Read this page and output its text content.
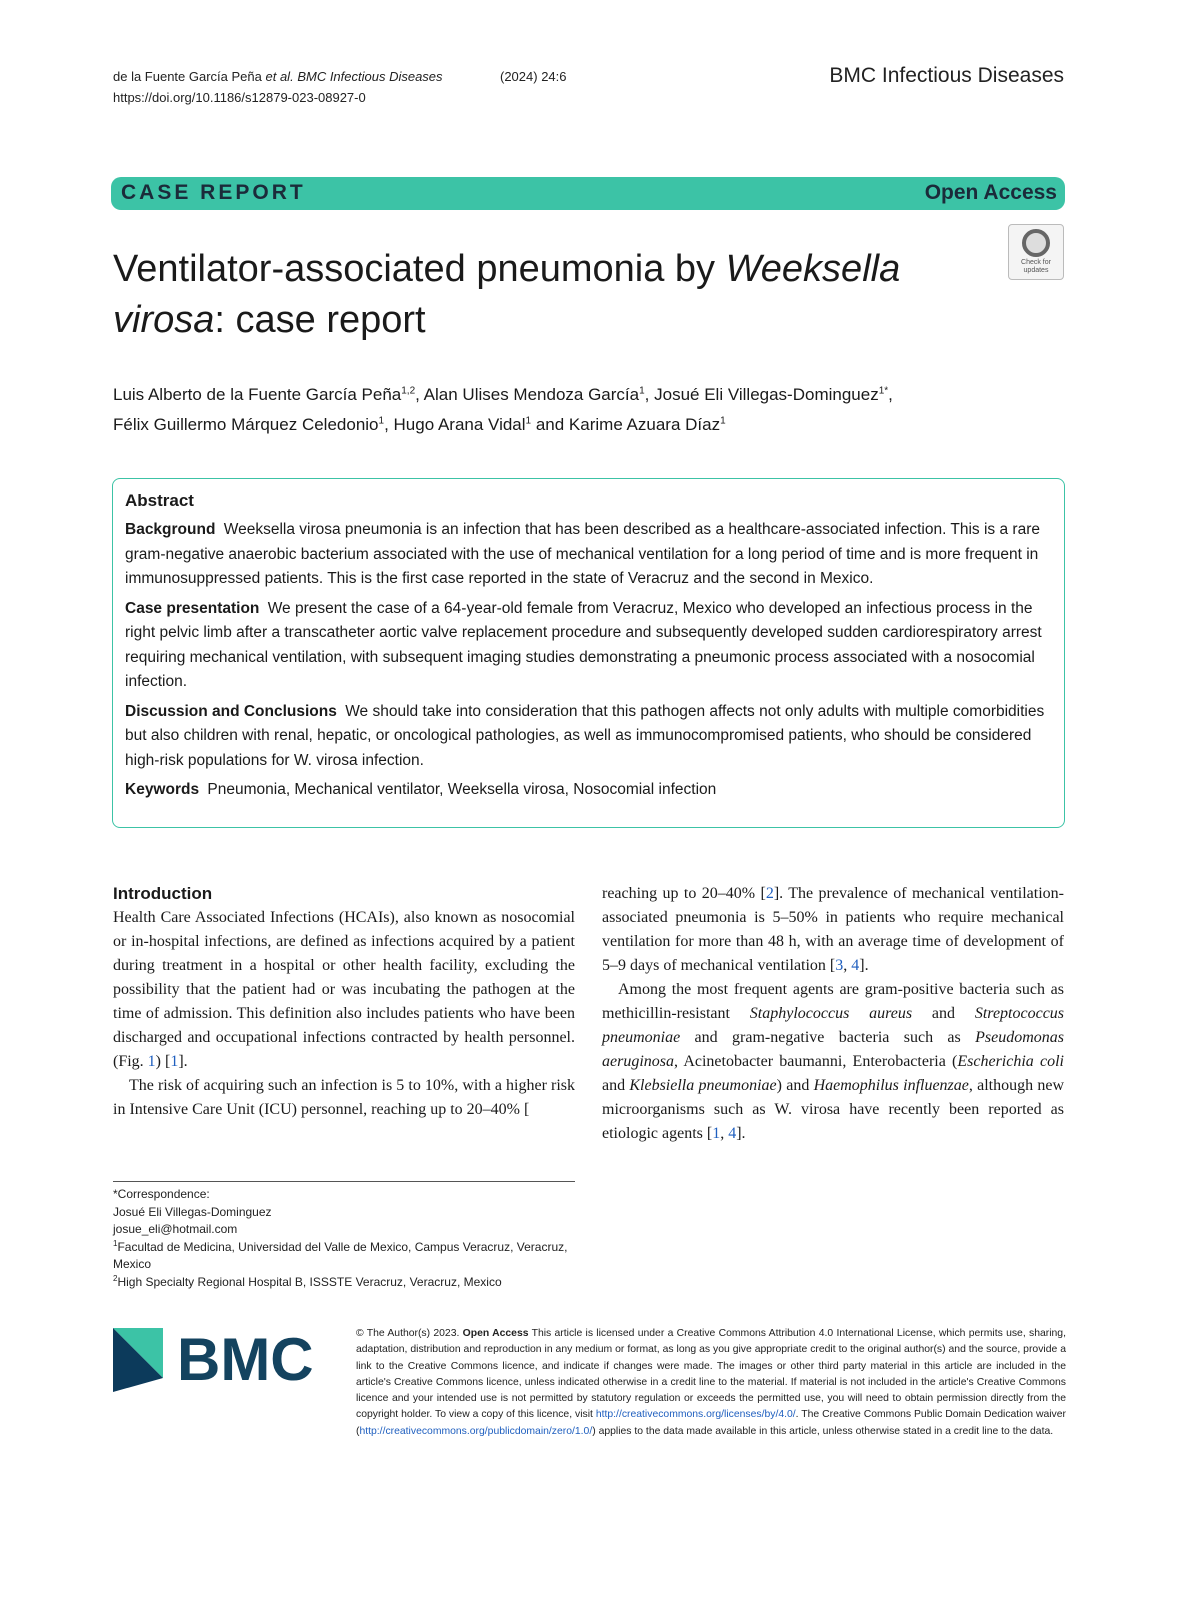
de la Fuente García Peña et al. BMC Infectious Diseases	(2024) 24:6
https://doi.org/10.1186/s12879-023-08927-0
BMC Infectious Diseases
CASE REPORT	Open Access
Ventilator-associated pneumonia by Weeksella virosa: case report
Check for updates
Luis Alberto de la Fuente García Peña$^{1,2}$, Alan Ulises Mendoza García$^1$, Josué Eli Villegas-Dominguez$^{1*}$,
Félix Guillermo Márquez Celedonio$^1$, Hugo Arana Vidal$^1$ and Karime Azuara Díaz$^1$
Abstract

Background Weeksella virosa pneumonia is an infection that has been described as a healthcare-associated infection. This is a rare gram-negative anaerobic bacterium associated with the use of mechanical ventilation for a long period of time and is more frequent in immunosuppressed patients. This is the first case reported in the state of Veracruz and the second in Mexico.

Case presentation We present the case of a 64-year-old female from Veracruz, Mexico who developed an infectious process in the right pelvic limb after a transcatheter aortic valve replacement procedure and subsequently developed sudden cardiorespiratory arrest requiring mechanical ventilation, with subsequent imaging studies demonstrating a pneumonic process associated with a nosocomial infection.

Discussion and Conclusions We should take into consideration that this pathogen affects not only adults with multiple comorbidities but also children with renal, hepatic, or oncological pathologies, as well as immunocompromised patients, who should be considered high-risk populations for W. virosa infection.

Keywords Pneumonia, Mechanical ventilator, Weeksella virosa, Nosocomial infection

Introduction

Health Care Associated Infections (HCAIs), also known as nosocomial or in-hospital infections, are defined as infections acquired by a patient during treatment in a hospital or other health facility, excluding the possibility that the patient had or was incubating the pathogen at the time of admission. This definition also includes patients who have been discharged and occupational infections contracted by health personnel. (Fig. 1) [1].

The risk of acquiring such an infection is 5 to 10%, with a higher risk in Intensive Care Unit (ICU) personnel, reaching up to 20–40% [

reaching up to 20–40% [2]. The prevalence of mechanical ventilation-associated pneumonia is 5–50% in patients who require mechanical ventilation for more than 48 h, with an average time of development of 5–9 days of mechanical ventilation [3, 4].

Among the most frequent agents are gram-positive bacteria such as methicillin-resistant Staphylococcus aureus and Streptococcus pneumoniae and gram-negative bacteria such as Pseudomonas aeruginosa, Acinetobacter baumanni, Enterobacteria (Escherichia coli and Klebsiella pneumoniae) and Haemophilus influenzae, although new microorganisms such as W. virosa have recently been reported as etiologic agents [1, 4].

*Correspondence:
Josué Eli Villegas-Dominguez
josue_eli@hotmail.com
$^1$Facultad de Medicina, Universidad del Valle de Mexico, Campus Veracruz, Veracruz, Mexico
$^2$High Specialty Regional Hospital B, ISSSTE Veracruz, Veracruz, Mexico
BMC	© The Author(s) 2023. Open Access This article is licensed under a Creative Commons Attribution 4.0 International License, which permits use, sharing, adaptation, distribution and reproduction in any medium or format, as long as you give appropriate credit to the original author(s) and the source, provide a link to the Creative Commons licence, and indicate if changes were made. The images or other third party material in this article are included in the article's Creative Commons licence, unless indicated otherwise in a credit line to the material. If material is not included in the article's Creative Commons licence and your intended use is not permitted by statutory regulation or exceeds the permitted use, you will need to obtain permission directly from the copyright holder. To view a copy of this licence, visit http://creativecommons.org/licenses/by/4.0/. The Creative Commons Public Domain Dedication waiver (http://creativecommons.org/publicdomain/zero/1.0/) applies to the data made available in this article, unless otherwise stated in a credit line to the data.
